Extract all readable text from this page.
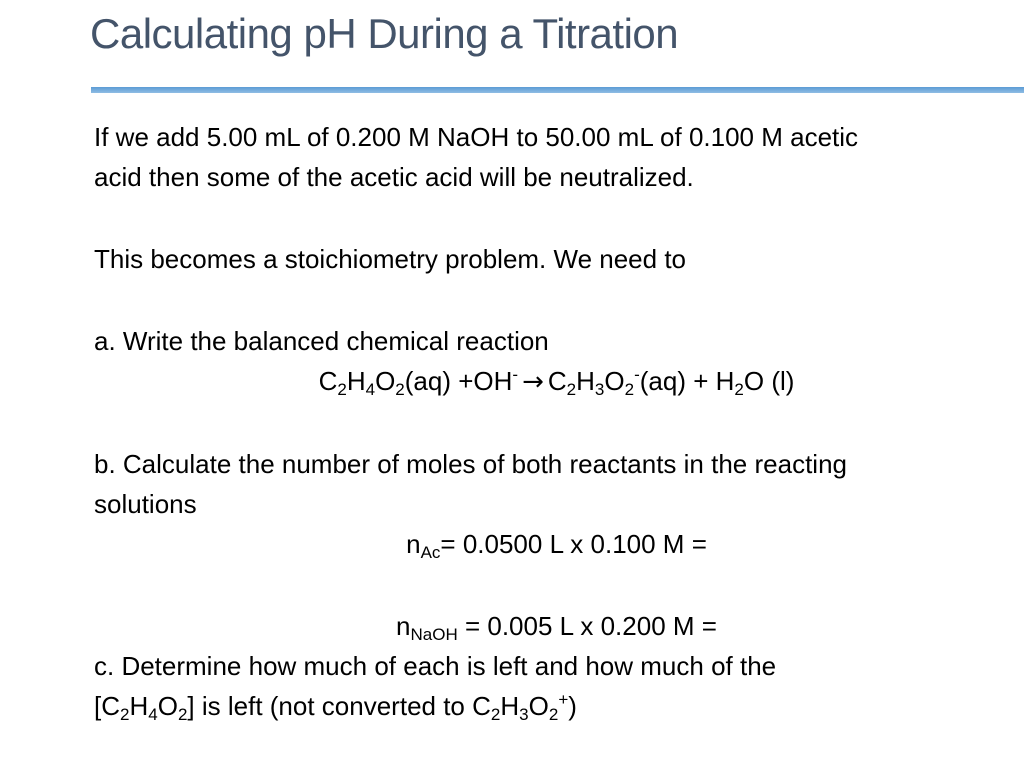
Calculating pH During a Titration
If we add 5.00 mL of 0.200 M NaOH to 50.00 mL of 0.100 M acetic
acid then some of the acetic acid will be neutralized.
This becomes a stoichiometry problem. We need to
a. Write the balanced chemical reaction
$C_2H_4O_2(aq) +OH^- \to C_2H_3O_2^-(aq) + H_2O$ (l)
b. Calculate the number of moles of both reactants in the reacting
solutions
$n_{Ac}= 0.0500$ L x 0.100 M =
$n_{NaOH} = 0.005$ L x 0.200 M =
c. Determine how much of each is left and how much of the
$[C_2H_4O_2]$ is left (not converted to $C_2H_3O_2^+$)
